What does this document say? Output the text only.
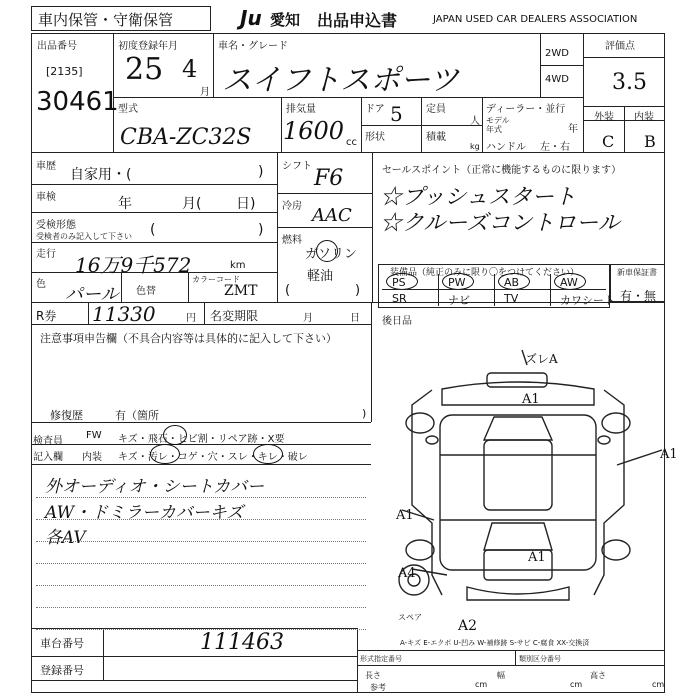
車内保管・守衛保管	Ju 愛知 出品申込書	JAPAN USED CAR DEALERS ASSOCIATION
出品番号
[2135]
30461
初度登録年月
25 4
月
車名・グレード
スイフトスポーツ
2WD
4WD
評価点
3.5
外装 内装
C B
型式
CBA-ZC32S
排気量
1600 cc
ドア 5 定員
人
形状	積載
kg
ディーラー・並行
モデル年式	年
ハンドル 左・右
車歴
自家用・(	)
車検	年	月( 日)
受検形態
受検者のみ記入して下さい (	)
走行 16万9千572	km
色 パール 色替
カラーコード
ZMT
シフト F6
冷房 AAC
燃料
ガソリン
軽油
(	)
セールスポイント（正常に機能するものに限ります）
☆プッシュスタート
☆クルーズコントロール
装備品（純正のみに限り〇をつけてください）	新車保証書
有・無
R券 11330	円 名変期限	月	日
注意事項申告欄（不具合内容等は具体的に記入して下さい）
後日品
修復歴	有（箇所	)
検査員
記入欄
FW キズ・飛石・ヒビ割・リペア跡・X要
内装 キズ・汚レ・コゲ・穴・スレ・キレ・破レ
外オーディオ・シートカバー
AW・ドミラーカバーキズ
各AV
ズレA
A1
A1
A1
A1
A4
A2
スペア
A-キズ E-エクボ U-凹み W-補修跡 S-サビ C-腐食 XX-交換済
車台番号	111463
登録番号
形式指定番号	類別区分番号
長さ
cm
幅
cm
高さ
cm
参考
PS	PW	AB	AW
SR	ナビ	TV	カワシート
